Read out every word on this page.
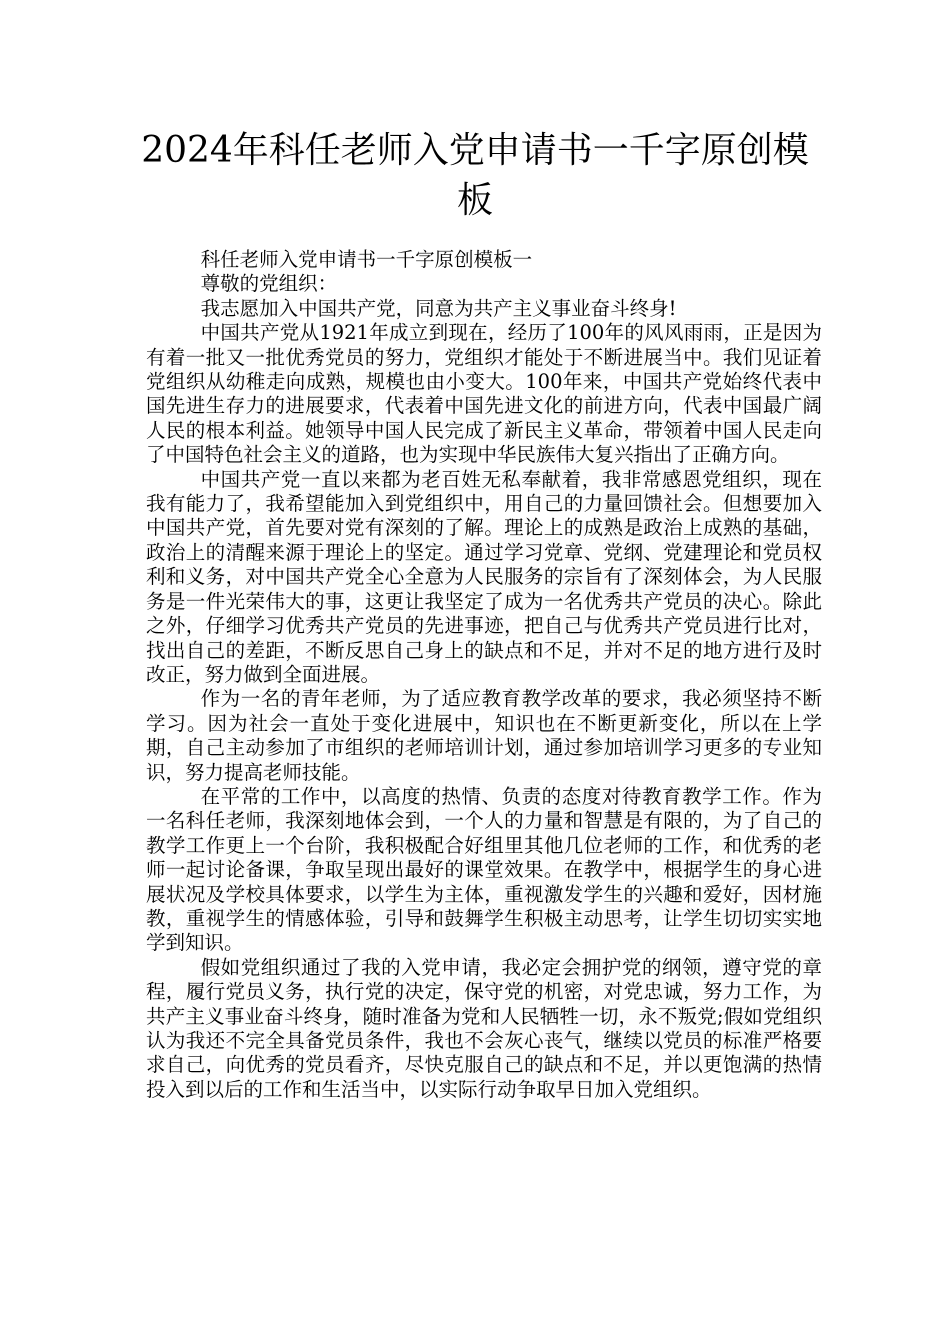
2024年科任老师入党申请书一千字原创模板

科任老师入党申请书一千字原创模板一

尊敬的党组织：

我志愿加入中国共产党，同意为共产主义事业奋斗终身!

中国共产党从1921年成立到现在，经历了100年的风风雨雨，正是因为有着一批又一批优秀党员的努力，党组织才能处于不断进展当中。我们见证着党组织从幼稚走向成熟，规模也由小变大。100年来，中国共产党始终代表中国先进生存力的进展要求，代表着中国先进文化的前进方向，代表中国最广阔人民的根本利益。她领导中国人民完成了新民主义革命，带领着中国人民走向了中国特色社会主义的道路，也为实现中华民族伟大复兴指出了正确方向。

中国共产党一直以来都为老百姓无私奉献着，我非常感恩党组织，现在我有能力了，我希望能加入到党组织中，用自己的力量回馈社会。但想要加入中国共产党，首先要对党有深刻的了解。理论上的成熟是政治上成熟的基础，政治上的清醒来源于理论上的坚定。通过学习党章、党纲、党建理论和党员权利和义务，对中国共产党全心全意为人民服务的宗旨有了深刻体会，为人民服务是一件光荣伟大的事，这更让我坚定了成为一名优秀共产党员的决心。除此之外，仔细学习优秀共产党员的先进事迹，把自己与优秀共产党员进行比对，找出自己的差距，不断反思自己身上的缺点和不足，并对不足的地方进行及时改正，努力做到全面进展。

作为一名的青年老师，为了适应教育教学改革的要求，我必须坚持不断学习。因为社会一直处于变化进展中，知识也在不断更新变化，所以在上学期，自己主动参加了市组织的老师培训计划，通过参加培训学习更多的专业知识，努力提高老师技能。

在平常的工作中，以高度的热情、负责的态度对待教育教学工作。作为一名科任老师，我深刻地体会到，一个人的力量和智慧是有限的，为了自己的教学工作更上一个台阶，我积极配合好组里其他几位老师的工作，和优秀的老师一起讨论备课，争取呈现出最好的课堂效果。在教学中，根据学生的身心进展状况及学校具体要求，以学生为主体，重视激发学生的兴趣和爱好，因材施教，重视学生的情感体验，引导和鼓舞学生积极主动思考，让学生切切实实地学到知识。

假如党组织通过了我的入党申请，我必定会拥护党的纲领，遵守党的章程，履行党员义务，执行党的决定，保守党的机密，对党忠诚，努力工作，为共产主义事业奋斗终身，随时准备为党和人民牺牲一切，永不叛党;假如党组织认为我还不完全具备党员条件，我也不会灰心丧气，继续以党员的标准严格要求自己，向优秀的党员看齐，尽快克服自己的缺点和不足，并以更饱满的热情投入到以后的工作和生活当中，以实际行动争取早日加入党组织。
